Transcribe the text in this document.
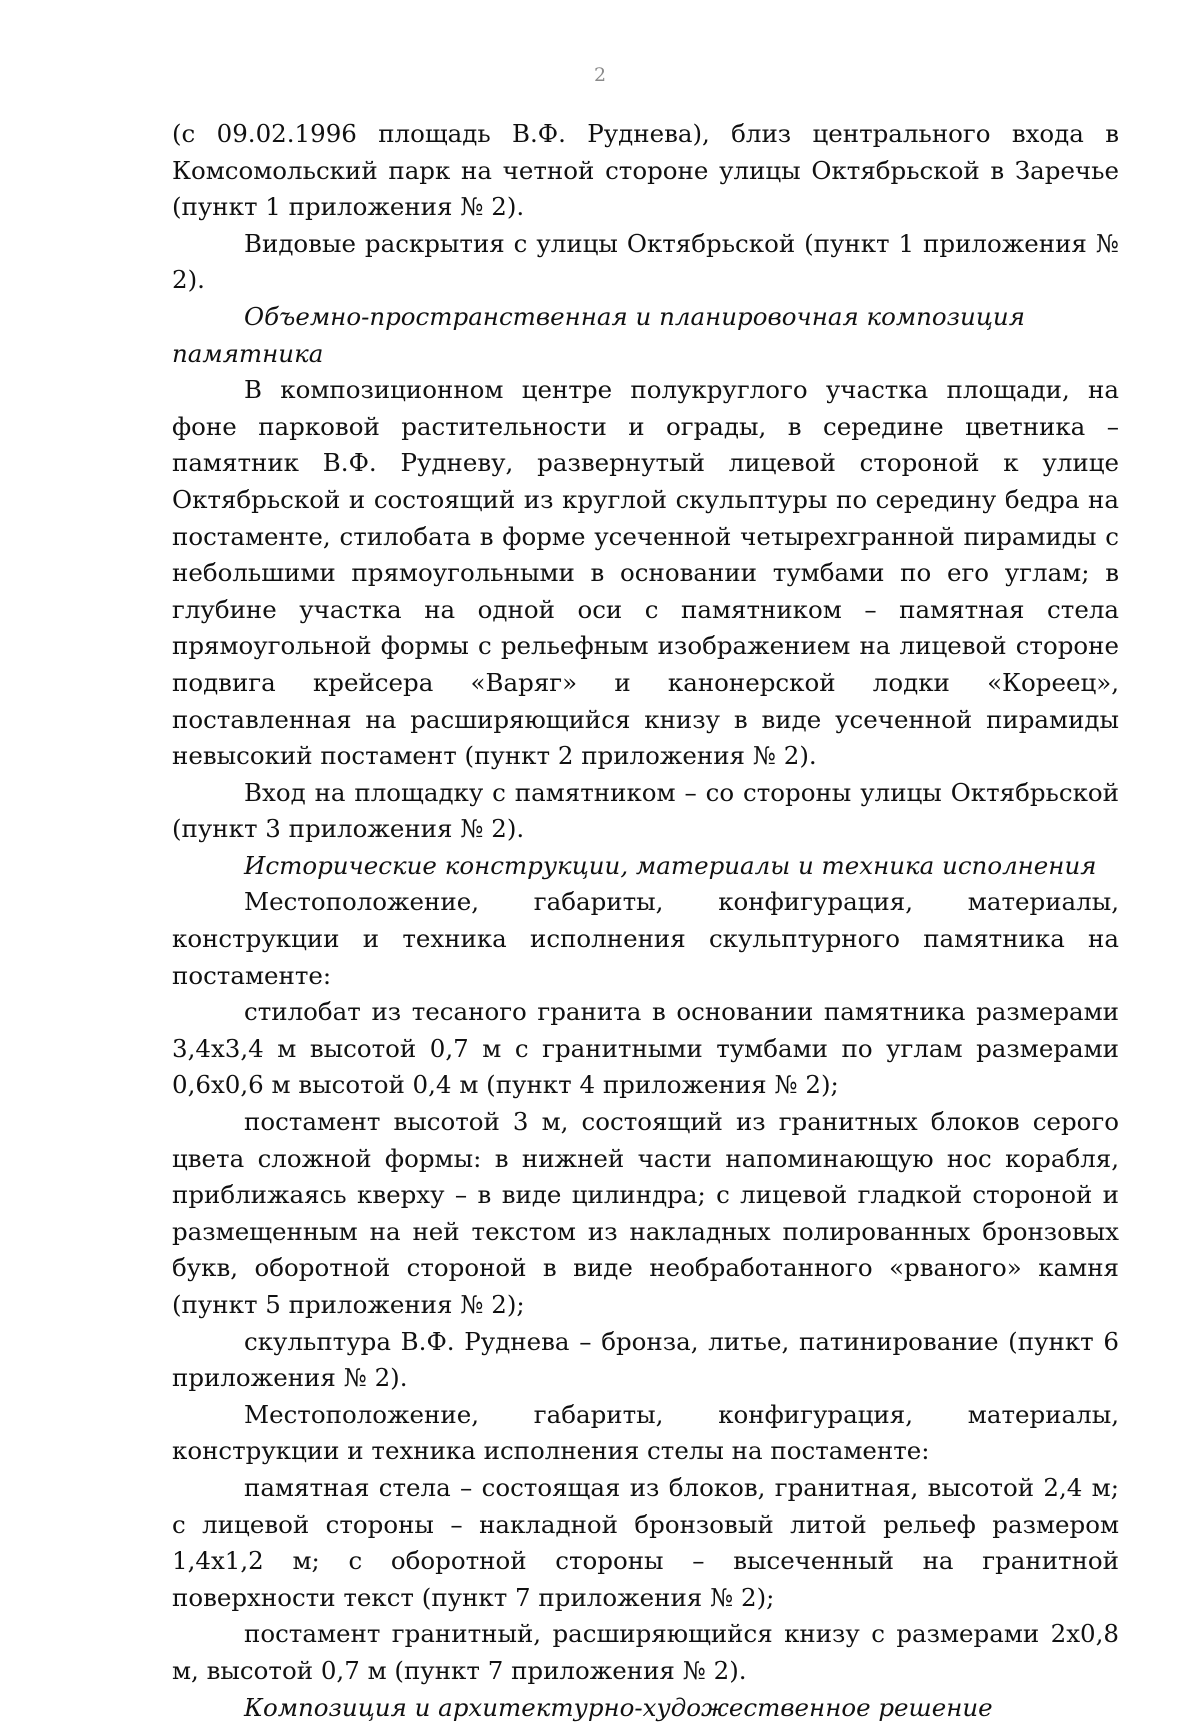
2

(с 09.02.1996 площадь В.Ф. Руднева), близ центрального входа в Комсомольский парк на четной стороне улицы Октябрьской в Заречье (пункт 1 приложения № 2).

Видовые раскрытия с улицы Октябрьской (пункт 1 приложения № 2).

Объемно-пространственная и планировочная композиция памятника

В композиционном центре полукруглого участка площади, на фоне парковой растительности и ограды, в середине цветника – памятник В.Ф. Рудневу, развернутый лицевой стороной к улице Октябрьской и состоящий из круглой скульптуры по середину бедра на постаменте, стилобата в форме усеченной четырехгранной пирамиды с небольшими прямоугольными в основании тумбами по его углам; в глубине участка на одной оси с памятником – памятная стела прямоугольной формы с рельефным изображением на лицевой стороне подвига крейсера «Варяг» и канонерской лодки «Кореец», поставленная на расширяющийся книзу в виде усеченной пирамиды невысокий постамент (пункт 2 приложения № 2).

Вход на площадку с памятником – со стороны улицы Октябрьской (пункт 3 приложения № 2).

Исторические конструкции, материалы и техника исполнения

Местоположение, габариты, конфигурация, материалы, конструкции и техника исполнения скульптурного памятника на постаменте:

стилобат из тесаного гранита в основании памятника размерами 3,4х3,4 м высотой 0,7 м с гранитными тумбами по углам размерами 0,6х0,6 м высотой 0,4 м (пункт 4 приложения № 2);

постамент высотой 3 м, состоящий из гранитных блоков серого цвета сложной формы: в нижней части напоминающую нос корабля, приближаясь кверху – в виде цилиндра; с лицевой гладкой стороной и размещенным на ней текстом из накладных полированных бронзовых букв, оборотной стороной в виде необработанного «рваного» камня (пункт 5 приложения № 2);

скульптура В.Ф. Руднева – бронза, литье, патинирование (пункт 6 приложения № 2).

Местоположение, габариты, конфигурация, материалы, конструкции и техника исполнения стелы на постаменте:

памятная стела – состоящая из блоков, гранитная, высотой 2,4 м; с лицевой стороны – накладной бронзовый литой рельеф размером 1,4х1,2 м; с оборотной стороны – высеченный на гранитной поверхности текст (пункт 7 приложения № 2);

постамент гранитный, расширяющийся книзу с размерами 2х0,8 м, высотой 0,7 м (пункт 7 приложения № 2).

Композиция и архитектурно-художественное решение
